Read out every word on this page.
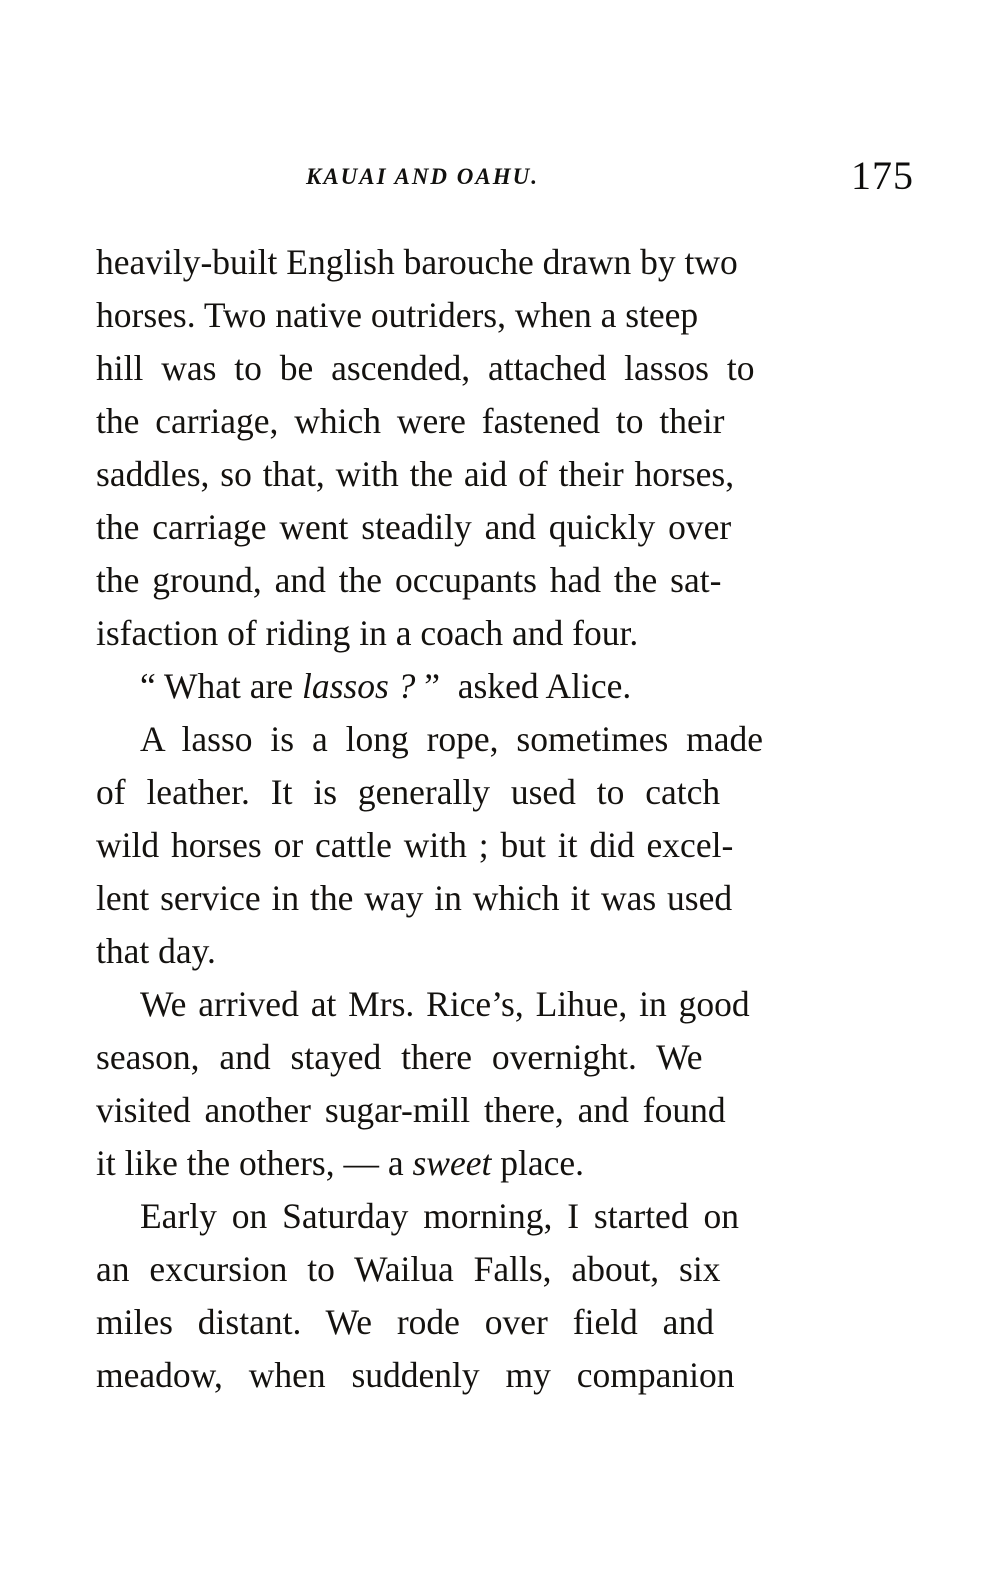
KAUAI AND OAHU.	175
heavily-built English barouche drawn by two
horses. Two native outriders, when a steep
hill was to be ascended, attached lassos to
the carriage, which were fastened to their
saddles, so that, with the aid of their horses,
the carriage went steadily and quickly over
the ground, and the occupants had the sat-
isfaction of riding in a coach and four.
“ What are lassos ? ”  asked Alice.
A lasso is a long rope, sometimes made
of leather. It is generally used to catch
wild horses or cattle with ; but it did excel-
lent service in the way in which it was used
that day.
We arrived at Mrs. Rice’s, Lihue, in good
season, and stayed there overnight. We
visited another sugar-mill there, and found
it like the others, — a sweet place.
Early on Saturday morning, I started on
an excursion to Wailua Falls, about, six
miles distant. We rode over field and
meadow, when suddenly my companion
